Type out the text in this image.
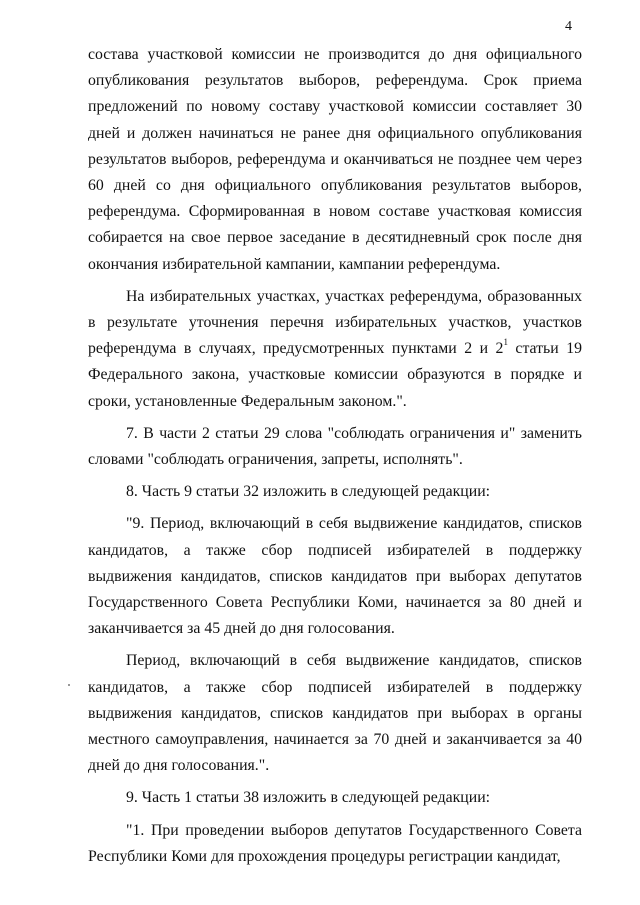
4

состава участковой комиссии не производится до дня официального опубликования результатов выборов, референдума. Срок приема предложений по новому составу участковой комиссии составляет 30 дней и должен начинаться не ранее дня официального опубликования результатов выборов, референдума и оканчиваться не позднее чем через 60 дней со дня официального опубликования результатов выборов, референдума. Сформированная в новом составе участковая комиссия собирается на свое первое заседание в десятидневный срок после дня окончания избирательной кампании, кампании референдума.

На избирательных участках, участках референдума, образованных в результате уточнения перечня избирательных участков, участков референдума в случаях, предусмотренных пунктами 2 и $2^1$ статьи 19 Федерального закона, участковые комиссии образуются в порядке и сроки, установленные Федеральным законом.".

7. В части 2 статьи 29 слова "соблюдать ограничения и" заменить словами "соблюдать ограничения, запреты, исполнять".

8. Часть 9 статьи 32 изложить в следующей редакции:

"9. Период, включающий в себя выдвижение кандидатов, списков кандидатов, а также сбор подписей избирателей в поддержку выдвижения кандидатов, списков кандидатов при выборах депутатов Государственного Совета Республики Коми, начинается за 80 дней и заканчивается за 45 дней до дня голосования.

Период, включающий в себя выдвижение кандидатов, списков кандидатов, а также сбор подписей избирателей в поддержку выдвижения кандидатов, списков кандидатов при выборах в органы местного самоуправления, начинается за 70 дней и заканчивается за 40 дней до дня голосования.".

9. Часть 1 статьи 38 изложить в следующей редакции:

"1. При проведении выборов депутатов Государственного Совета Республики Коми для прохождения процедуры регистрации кандидат,
